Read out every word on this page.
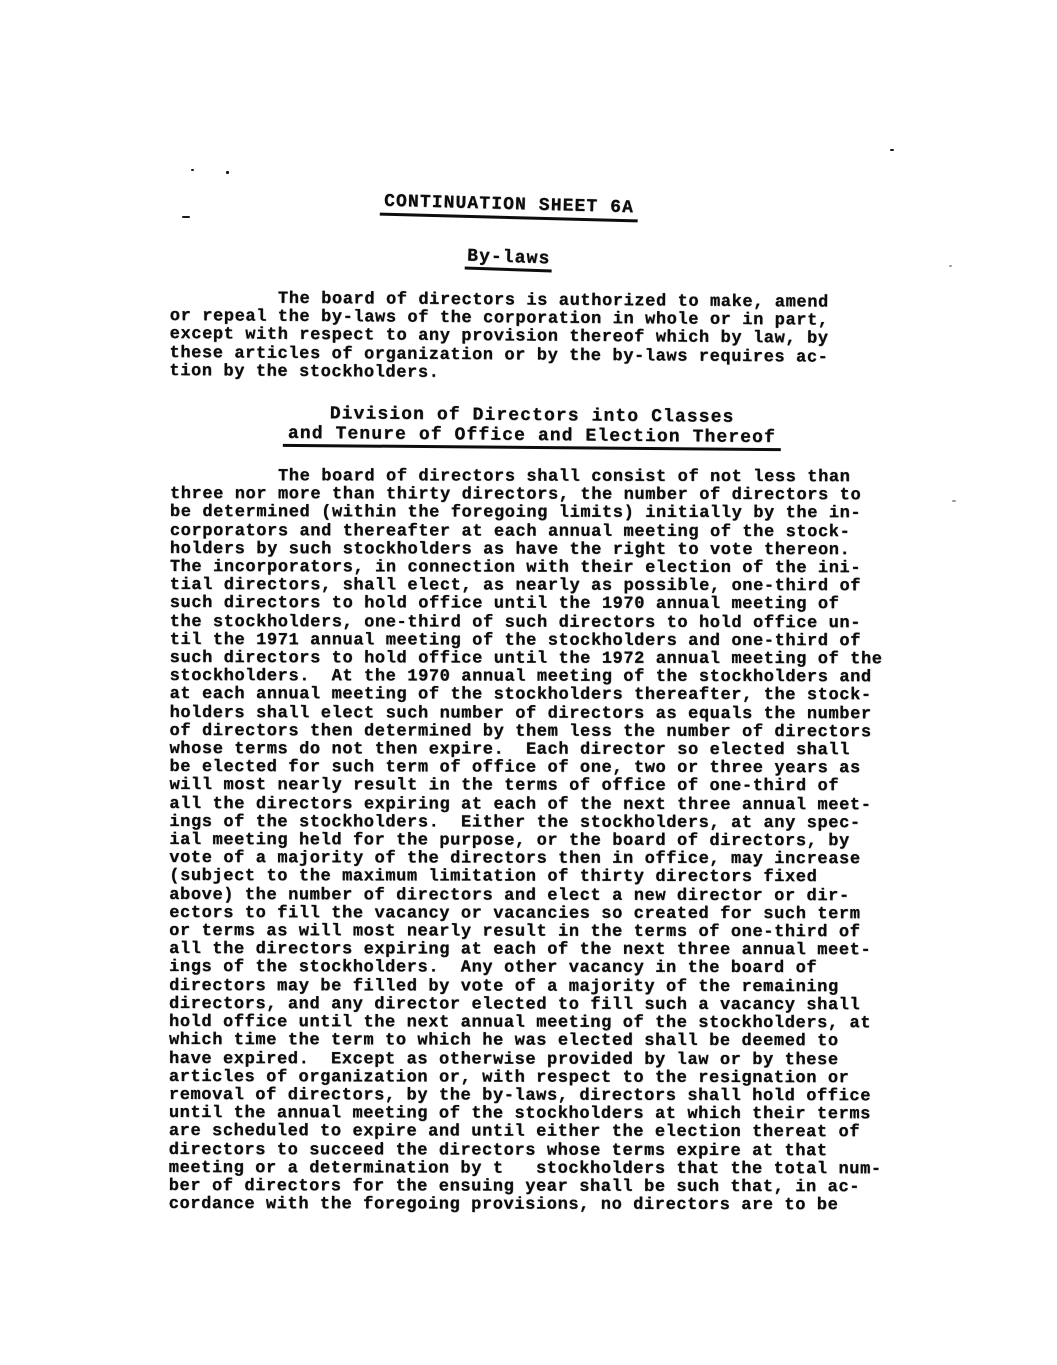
CONTINUATION SHEET 6A
By-laws
The board of directors is authorized to make, amend
or repeal the by-laws of the corporation in whole or in part,
except with respect to any provision thereof which by law, by
these articles of organization or by the by-laws requires ac-
tion by the stockholders.
Division of Directors into Classes
and Tenure of Office and Election Thereof
The board of directors shall consist of not less than
three nor more than thirty directors, the number of directors to
be determined (within the foregoing limits) initially by the in-
corporators and thereafter at each annual meeting of the stock-
holders by such stockholders as have the right to vote thereon.
The incorporators, in connection with their election of the ini-
tial directors, shall elect, as nearly as possible, one-third of
such directors to hold office until the 1970 annual meeting of
the stockholders, one-third of such directors to hold office un-
til the 1971 annual meeting of the stockholders and one-third of
such directors to hold office until the 1972 annual meeting of the
stockholders.  At the 1970 annual meeting of the stockholders and
at each annual meeting of the stockholders thereafter, the stock-
holders shall elect such number of directors as equals the number
of directors then determined by them less the number of directors
whose terms do not then expire.  Each director so elected shall
be elected for such term of office of one, two or three years as
will most nearly result in the terms of office of one-third of
all the directors expiring at each of the next three annual meet-
ings of the stockholders.  Either the stockholders, at any spec-
ial meeting held for the purpose, or the board of directors, by
vote of a majority of the directors then in office, may increase
(subject to the maximum limitation of thirty directors fixed
above) the number of directors and elect a new director or dir-
ectors to fill the vacancy or vacancies so created for such term
or terms as will most nearly result in the terms of one-third of
all the directors expiring at each of the next three annual meet-
ings of the stockholders.  Any other vacancy in the board of
directors may be filled by vote of a majority of the remaining
directors, and any director elected to fill such a vacancy shall
hold office until the next annual meeting of the stockholders, at
which time the term to which he was elected shall be deemed to
have expired.  Except as otherwise provided by law or by these
articles of organization or, with respect to the resignation or
removal of directors, by the by-laws, directors shall hold office
until the annual meeting of the stockholders at which their terms
are scheduled to expire and until either the election thereat of
directors to succeed the directors whose terms expire at that
meeting or a determination by t   stockholders that the total num-
ber of directors for the ensuing year shall be such that, in ac-
cordance with the foregoing provisions, no directors are to be
